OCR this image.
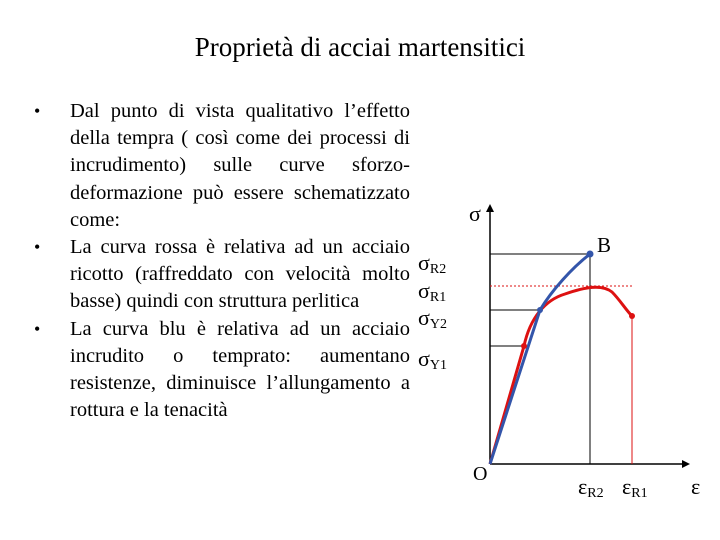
Proprietà di acciai martensitici
• Dal punto di vista qualitativo l’effetto della tempra ( così come dei processi di incrudimento) sulle curve sforzo-deformazione può essere schematizzato come:
• La curva rossa è relativa ad un acciaio ricotto (raffreddato con velocità molto basse) quindi con struttura perlitica
• La curva blu è relativa ad un acciaio incrudito o temprato: aumentano resistenze, diminuisce l’allungamento a rottura e la tenacità
σ
B
O	ε
σR2
σR1
σY2
σY1
εR2 εR1
